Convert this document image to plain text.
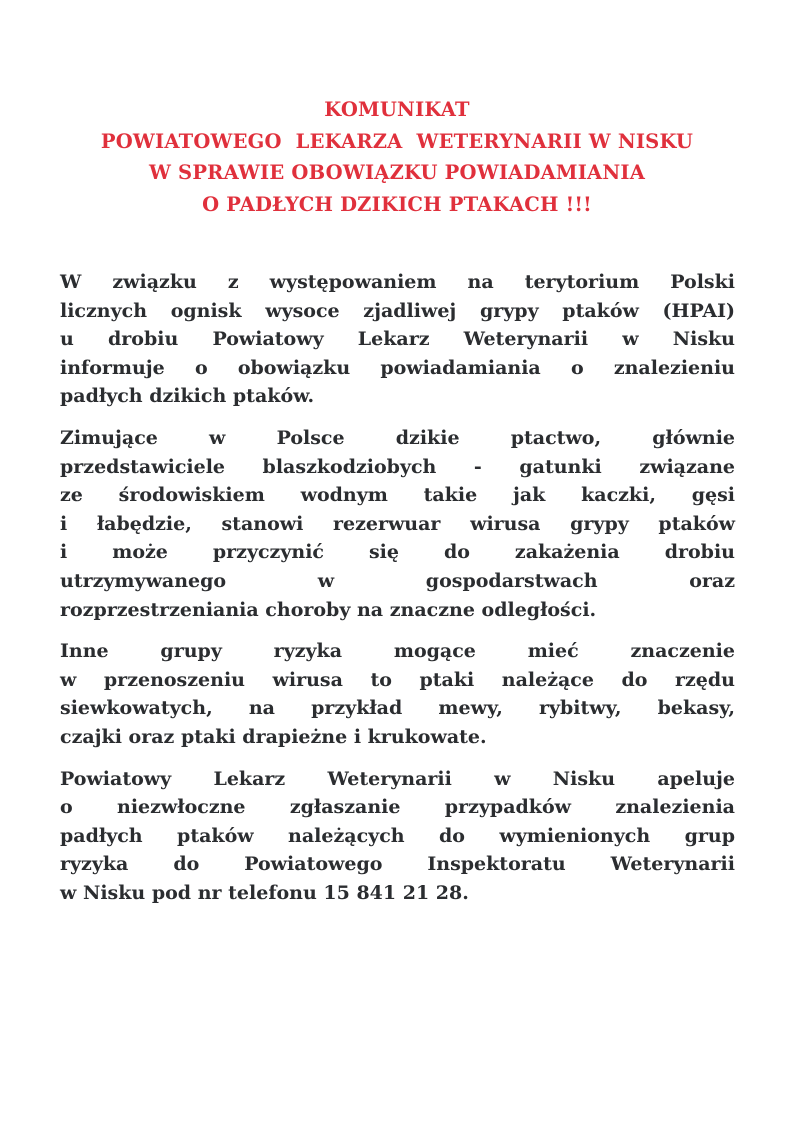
KOMUNIKAT
POWIATOWEGO  LEKARZA  WETERYNARII W NISKU
W SPRAWIE OBOWIĄZKU POWIADAMIANIA
O PADŁYCH DZIKICH PTAKACH !!!
W związku z występowaniem na terytorium Polski
licznych ognisk wysoce zjadliwej grypy ptaków (HPAI)
u drobiu Powiatowy Lekarz Weterynarii w Nisku
informuje o obowiązku powiadamiania o znalezieniu
padłych dzikich ptaków.
Zimujące w Polsce dzikie ptactwo, głównie
przedstawiciele blaszkodziobych - gatunki związane
ze środowiskiem wodnym takie jak kaczki, gęsi
i łabędzie, stanowi rezerwuar wirusa grypy ptaków
i może przyczynić się do zakażenia drobiu
utrzymywanego w gospodarstwach oraz
rozprzestrzeniania choroby na znaczne odległości.
Inne grupy ryzyka mogące mieć znaczenie
w przenoszeniu wirusa to ptaki należące do rzędu
siewkowatych, na przykład mewy, rybitwy, bekasy,
czajki oraz ptaki drapieżne i krukowate.
Powiatowy Lekarz Weterynarii w Nisku apeluje
o niezwłoczne zgłaszanie przypadków znalezienia
padłych ptaków należących do wymienionych grup
ryzyka do Powiatowego Inspektoratu Weterynarii
w Nisku pod nr telefonu 15 841 21 28.
